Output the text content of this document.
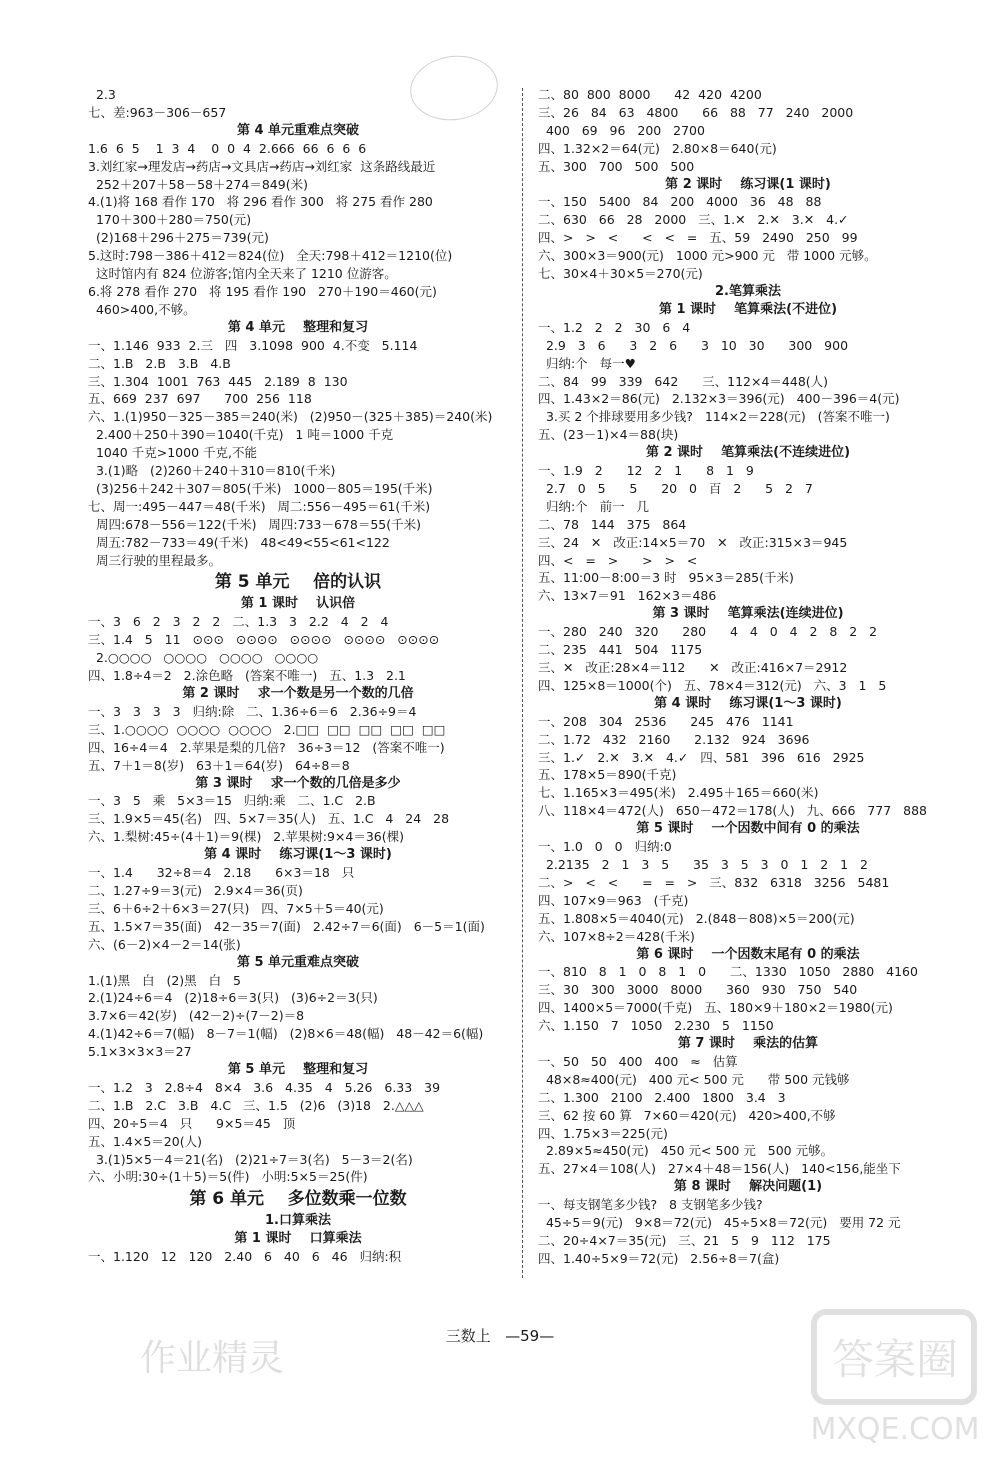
作业精灵	答案圈
MXQE.COM
2.3
七、差:963－306－657
第 4 单元重难点突破
1.6  6  5    1  3  4    0  0  4  2.666  66  6  6  6
3.刘红家→理发店→药店→文具店→药店→刘红家  这条路线最近
252＋207＋58－58＋274＝849(米)
4.(1)将 168 看作 170   将 296 看作 300   将 275 看作 280
170＋300＋280＝750(元)
(2)168＋296＋275＝739(元)
5.这时:798－386＋412＝824(位)   全天:798＋412＝1210(位)
这时馆内有 824 位游客;馆内全天来了 1210 位游客。
6.将 278 看作 270   将 195 看作 190   270＋190＝460(元)
460>400,不够。
第 4 单元    整理和复习
一、1.146  933  2.三   四   3.1098  900  4.不变   5.114
二、1.B   2.B   3.B   4.B
三、1.304  1001  763  445   2.189  8  130
五、669  237  697      700  256  118
六、1.(1)950－325－385＝240(米)   (2)950－(325＋385)＝240(米)
2.400＋250＋390＝1040(千克)   1 吨＝1000 千克
1040 千克>1000 千克,不能
3.(1)略   (2)260＋240＋310＝810(千米)
(3)256＋242＋307＝805(千米)   1000－805＝195(千米)
七、周一:495－447＝48(千米)   周二:556－495＝61(千米)
周四:678－556＝122(千米)   周四:733－678＝55(千米)
周五:782－733＝49(千米)   48<49<55<61<122
周三行驶的里程最多。
第 5 单元    倍的认识
第 1 课时    认识倍
一、3   6   2   3   2   2   二、1.3   3   2.2   4   2   4
三、1.4   5   11   ⊙⊙⊙   ⊙⊙⊙⊙   ⊙⊙⊙⊙   ⊙⊙⊙⊙   ⊙⊙⊙⊙
2.○○○○   ○○○○   ○○○○   ○○○○
四、1.8÷4＝2   2.涂色略   (答案不唯一)   五、1.3   2.1
第 2 课时    求一个数是另一个数的几倍
一、3   3   3   3   归纳:除   二、1.36÷6＝6   2.36÷9＝4
三、1.○○○○  ○○○○  ○○○○   2.□□  □□  □□  □□  □□
四、16÷4＝4   2.苹果是梨的几倍?   36÷3＝12   (答案不唯一)
五、7＋1＝8(岁)   63＋1＝64(岁)   64÷8＝8
第 3 课时    求一个数的几倍是多少
一、3   5   乘   5×3＝15   归纳:乘   二、1.C   2.B
三、1.9×5＝45(名)   四、5×7＝35(人)   五、1.C   4   24   28
六、1.梨树:45÷(4＋1)＝9(棵)   2.苹果树:9×4＝36(棵)
第 4 课时    练习课(1～3 课时)
一、1.4      32÷8＝4   2.18      6×3＝18   只
二、1.27÷9＝3(元)   2.9×4＝36(页)
三、6＋6÷2＋6×3＝27(只)   四、7×5＋5＝40(元)
五、1.5×7＝35(面)   42－35＝7(面)   2.42÷7＝6(面)   6－5＝1(面)
六、(6－2)×4－2＝14(张)
第 5 单元重难点突破
1.(1)黑   白   (2)黑   白   5
2.(1)24÷6＝4   (2)18÷6＝3(只)   (3)6÷2＝3(只)
3.7×6＝42(岁)   (42－2)÷(7－2)＝8
4.(1)42÷6＝7(幅)   8－7＝1(幅)   (2)8×6＝48(幅)   48－42＝6(幅)
5.1×3×3×3＝27
第 5 单元    整理和复习
一、1.2   3   2.8÷4   8×4   3.6   4.35   4   5.26   6.33   39
二、1.B   2.C   3.B   4.C   三、1.5   (2)6   (3)18   2.△△△
四、20÷5＝4   只      9×5＝45   顶
五、1.4×5＝20(人)
3.(1)5×5－4＝21(名)   (2)21÷7＝3(名)   5－3＝2(名)
六、小明:30÷(1＋5)＝5(件)   小明:5×5＝25(件)
第 6 单元    多位数乘一位数
1.口算乘法
第 1 课时    口算乘法
一、1.120   12   120   2.40   6   40   6   46   归纳:积
二、80  800  8000      42  420  4200
三、26   84   63   4800      66   88   77   240   2000
400   69   96   200   2700
四、1.32×2＝64(元)   2.80×8＝640(元)
五、300   700   500   500
第 2 课时    练习课(1 课时)
一、150   5400   84   200   4000   36   48   88
二、630   66   28   2000   三、1.✕   2.✕   3.✕   4.✓
四、>   >   <      <   <   =   五、59   2490   250   99
六、300×3＝900(元)   1000 元>900 元   带 1000 元够。
七、30×4＋30×5＝270(元)
2.笔算乘法
第 1 课时    笔算乘法(不进位)
一、1.2   2   2   30   6   4
2.9   3   6      3   2   6      3   10   30      300   900
归纳:个   每一♥
二、84   99   339   642      三、112×4＝448(人)
四、1.43×2＝86(元)   2.132×3＝396(元)   400－396＝4(元)
3.买 2 个排球要用多少钱?   114×2＝228(元)   (答案不唯一)
五、(23－1)×4＝88(块)
第 2 课时    笔算乘法(不连续进位)
一、1.9   2      12   2   1      8   1   9
2.7   0   5      5      20   0   百   2      5   2   7
归纳:个   前一   几
二、78   144   375   864
三、24   ✕   改正:14×5＝70   ✕   改正:315×3＝945
四、<   =   >      >   >   <
五、11:00－8:00＝3 时   95×3＝285(千米)
六、13×7＝91   162×3＝486
第 3 课时    笔算乘法(连续进位)
一、280   240   320      280      4   4   0   4   2   8   2   2
二、235   441   504   1175
三、✕   改正:28×4＝112      ✕   改正:416×7＝2912
四、125×8＝1000(个)   五、78×4＝312(元)   六、3   1   5
第 4 课时    练习课(1～3 课时)
一、208   304   2536      245   476   1141
二、1.72   432   2160      2.132   924   3696
三、1.✓   2.✕   3.✕   4.✓   四、581   396   616   2925
五、178×5＝890(千克)
七、1.165×3＝495(米)   2.495＋165＝660(米)
八、118×4＝472(人)   650－472＝178(人)   九、666   777   888
第 5 课时    一个因数中间有 0 的乘法
一、1.0   0   0   归纳:0
2.2135   2   1   3   5      35   3   5   3   0   1   2   1   2
二、>   <   <      =   =   >   三、832   6318   3256   5481
四、107×9＝963   (千克)
五、1.808×5＝4040(元)   2.(848－808)×5＝200(元)
六、107×8÷2＝428(千米)
第 6 课时    一个因数末尾有 0 的乘法
一、810   8   1   0   8   1   0      二、1330   1050   2880   4160
三、30   300   3000   8000      360   930   750   540
四、1400×5＝7000(千克)   五、180×9＋180×2＝1980(元)
六、1.150   7   1050   2.230   5   1150
第 7 课时    乘法的估算
一、50   50   400   400   ≈   估算
48×8≈400(元)   400 元< 500 元      带 500 元钱够
二、1.300   2100   2.400   1800   3.4   3
三、62 按 60 算   7×60＝420(元)   420>400,不够
四、1.75×3＝225(元)
2.89×5≈450(元)   450 元< 500 元   500 元够。
五、27×4＝108(人)   27×4＋48＝156(人)   140<156,能坐下
第 8 课时    解决问题(1)
一、每支钢笔多少钱?   8 支钢笔多少钱?
45÷5＝9(元)   9×8＝72(元)   45÷5×8＝72(元)   要用 72 元
二、20÷4×7＝35(元)   三、21   5   9   112   175
四、1.40÷5×9＝72(元)   2.56÷8＝7(盒)
三数上 —59—
